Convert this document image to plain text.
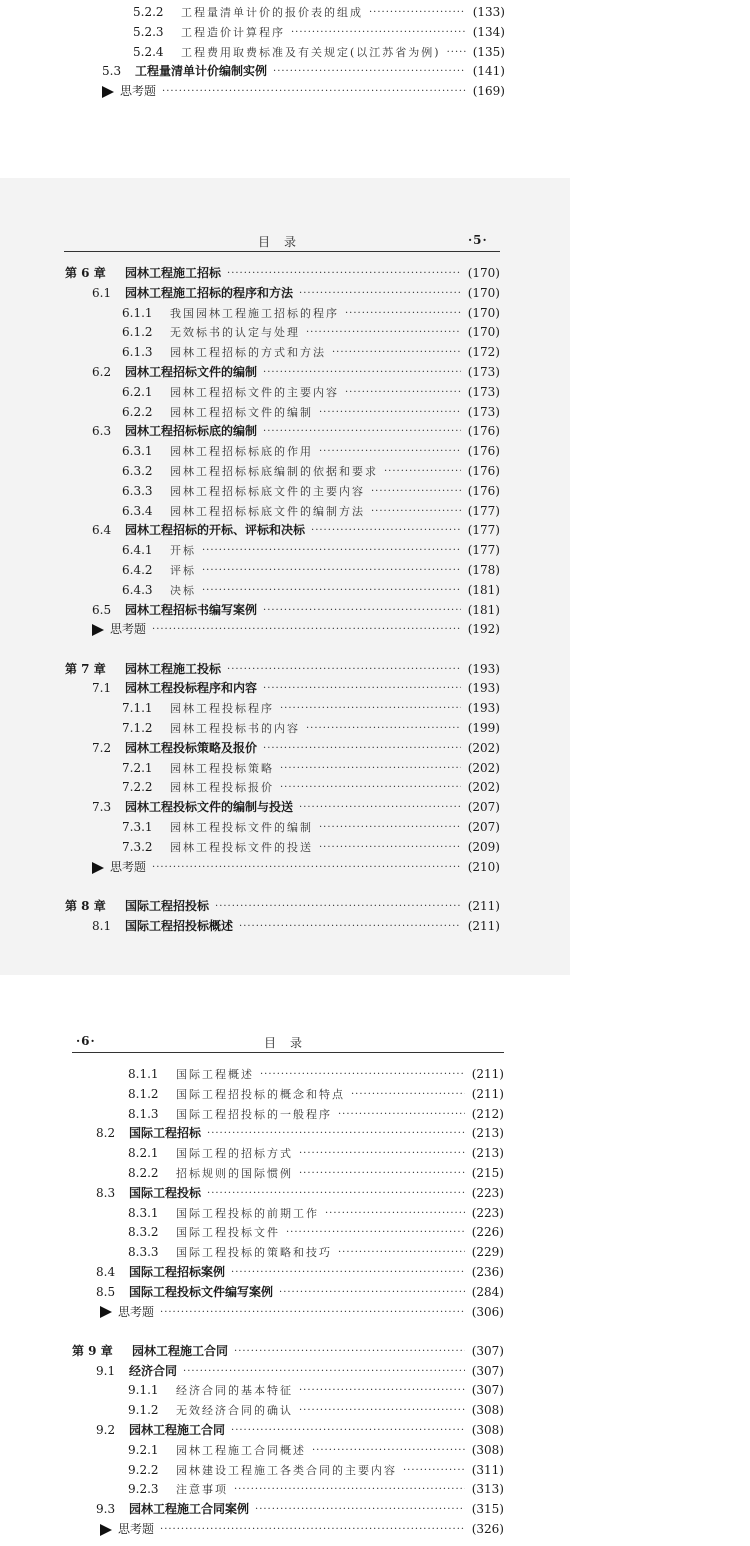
5.2.2	工程量清单计价的报价表的组成 ·····	(133)
5.2.3	工程造价计算程序 ·····	(134)
5.2.4	工程费用取费标准及有关规定(以江苏省为例) ·····	(135)
5.3	工程量清单计价编制实例 ·····	(141)
思考题 ·····	(169)
目　录	·5·
第 6 章	园林工程施工招标 ·····	(170)
6.1	园林工程施工招标的程序和方法 ·····	(170)
6.1.1	我国园林工程施工招标的程序 ·····	(170)
6.1.2	无效标书的认定与处理 ·····	(170)
6.1.3	园林工程招标的方式和方法 ·····	(172)
6.2	园林工程招标文件的编制 ·····	(173)
6.2.1	园林工程招标文件的主要内容 ·····	(173)
6.2.2	园林工程招标文件的编制 ·····	(173)
6.3	园林工程招标标底的编制 ·····	(176)
6.3.1	园林工程招标标底的作用 ·····	(176)
6.3.2	园林工程招标标底编制的依据和要求 ·····	(176)
6.3.3	园林工程招标标底文件的主要内容 ·····	(176)
6.3.4	园林工程招标标底文件的编制方法 ·····	(177)
6.4	园林工程招标的开标、评标和决标 ·····	(177)
6.4.1	开标 ·····	(177)
6.4.2	评标 ·····	(178)
6.4.3	决标 ·····	(181)
6.5	园林工程招标书编写案例 ·····	(181)
思考题 ·····	(192)
第 7 章	园林工程施工投标 ·····	(193)
7.1	园林工程投标程序和内容 ·····	(193)
7.1.1	园林工程投标程序 ·····	(193)
7.1.2	园林工程投标书的内容 ·····	(199)
7.2	园林工程投标策略及报价 ·····	(202)
7.2.1	园林工程投标策略 ·····	(202)
7.2.2	园林工程投标报价 ·····	(202)
7.3	园林工程投标文件的编制与投送 ·····	(207)
7.3.1	园林工程投标文件的编制 ·····	(207)
7.3.2	园林工程投标文件的投送 ·····	(209)
思考题 ·····	(210)
第 8 章	国际工程招投标 ·····	(211)
8.1	国际工程招投标概述 ·····	(211)
·6·	目　录
8.1.1	国际工程概述 ·····	(211)
8.1.2	国际工程招投标的概念和特点 ·····	(211)
8.1.3	国际工程招投标的一般程序 ·····	(212)
8.2	国际工程招标 ·····	(213)
8.2.1	国际工程的招标方式 ·····	(213)
8.2.2	招标规则的国际惯例 ·····	(215)
8.3	国际工程投标 ·····	(223)
8.3.1	国际工程投标的前期工作 ·····	(223)
8.3.2	国际工程投标文件 ·····	(226)
8.3.3	国际工程投标的策略和技巧 ·····	(229)
8.4	国际工程招标案例 ·····	(236)
8.5	国际工程投标文件编写案例 ·····	(284)
思考题 ·····	(306)
第 9 章	园林工程施工合同 ·····	(307)
9.1	经济合同 ·····	(307)
9.1.1	经济合同的基本特征 ·····	(307)
9.1.2	无效经济合同的确认 ·····	(308)
9.2	园林工程施工合同 ·····	(308)
9.2.1	园林工程施工合同概述 ·····	(308)
9.2.2	园林建设工程施工各类合同的主要内容 ·····	(311)
9.2.3	注意事项 ·····	(313)
9.3	园林工程施工合同案例 ·····	(315)
思考题 ·····	(326)
